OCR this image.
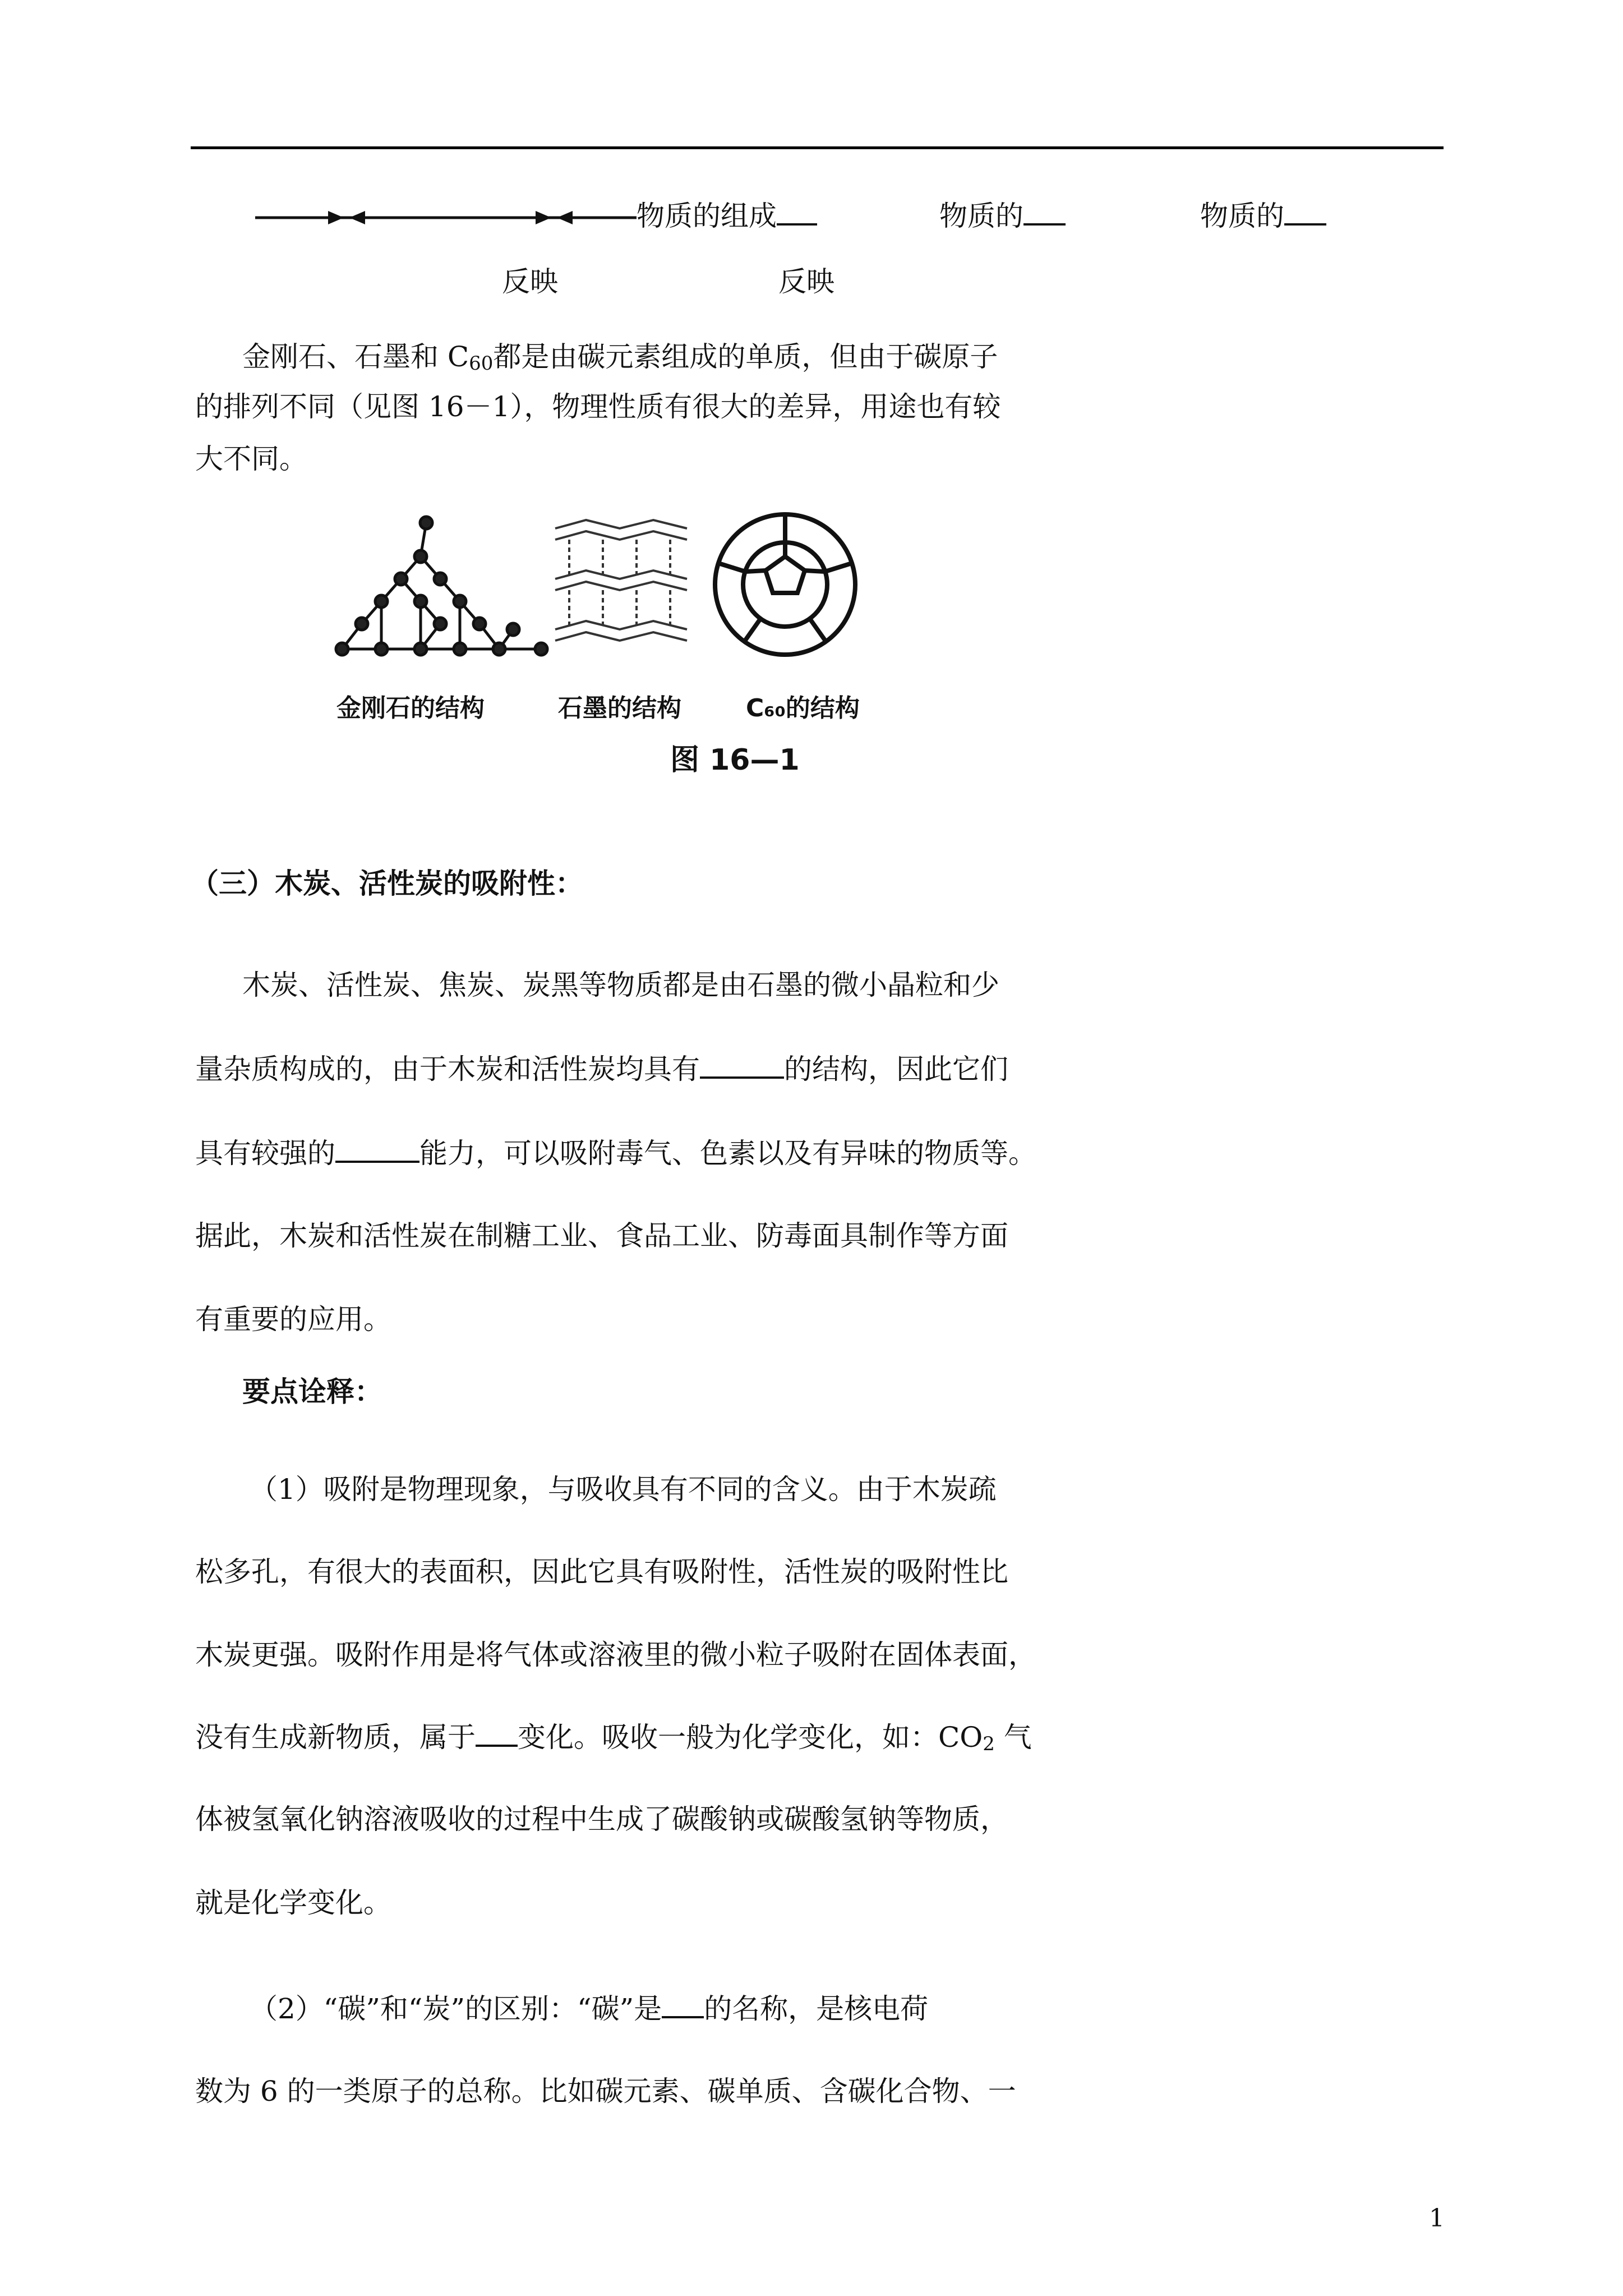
物质的组成	物质的	物质的
反映	反映
金刚石、石墨和 $C_{60}$都是由碳元素组成的单质，但由于碳原子
的排列不同（见图 16－1），物理性质有很大的差异，用途也有较
大不同。
金刚石的结构	石墨的结构	C₆₀的结构
图 16—1
（三）木炭、活性炭的吸附性：
木炭、活性炭、焦炭、炭黑等物质都是由石墨的微小晶粒和少
量杂质构成的，由于木炭和活性炭均具有	的结构，因此它们
具有较强的	能力，可以吸附毒气、色素以及有异味的物质等。
据此，木炭和活性炭在制糖工业、食品工业、防毒面具制作等方面
有重要的应用。
要点诠释：
（1）吸附是物理现象，与吸收具有不同的含义。由于木炭疏
松多孔，有很大的表面积，因此它具有吸附性，活性炭的吸附性比
木炭更强。吸附作用是将气体或溶液里的微小粒子吸附在固体表面，
没有生成新物质，属于 变化。吸收一般为化学变化，如：$CO_2$ 气
体被氢氧化钠溶液吸收的过程中生成了碳酸钠或碳酸氢钠等物质，
就是化学变化。
（2）“碳”和“炭”的区别：“碳”是 的名称，是核电荷
数为 6 的一类原子的总称。比如碳元素、碳单质、含碳化合物、一
1
